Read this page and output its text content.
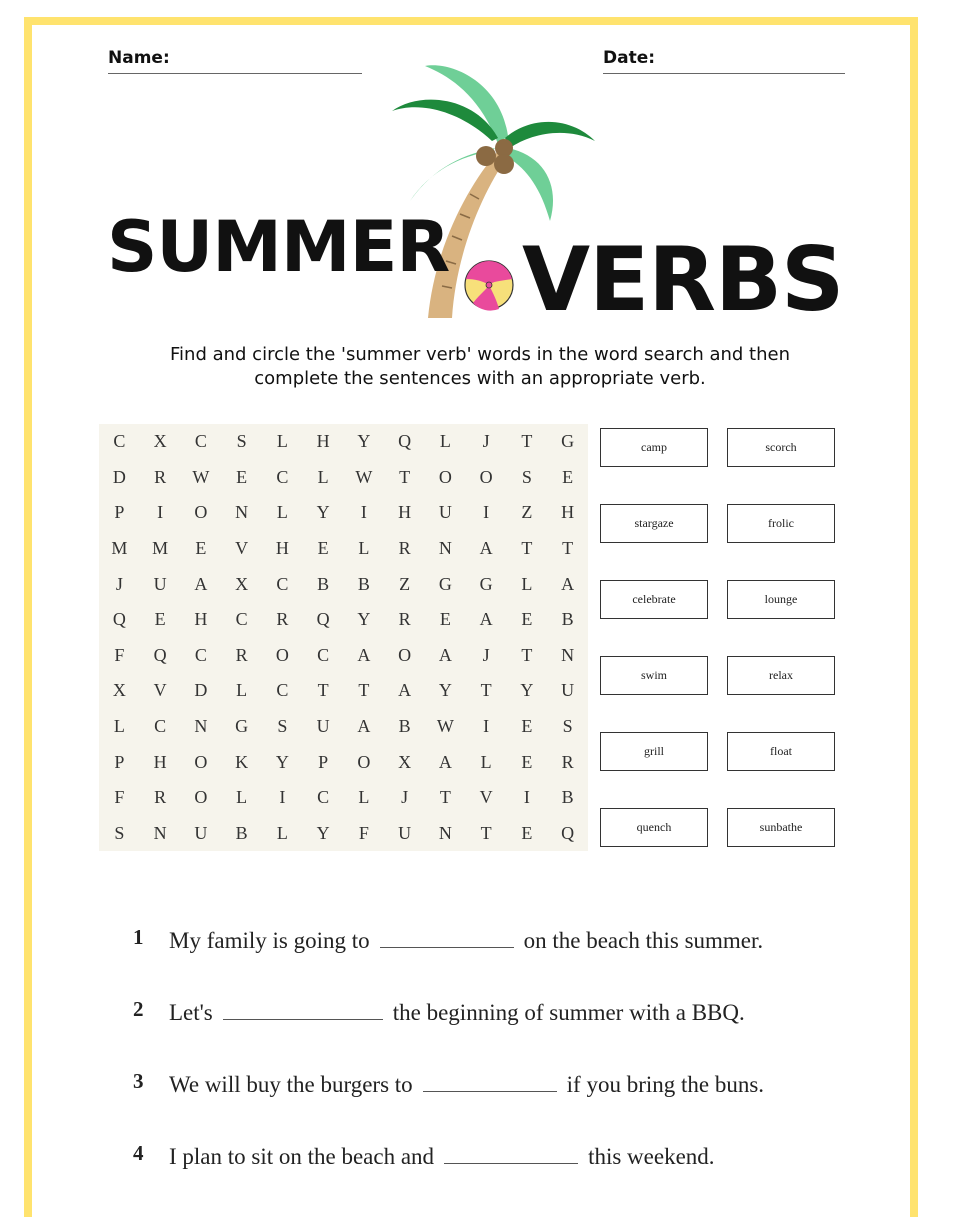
Name:	Date:
SUMMER VERBS
Find and circle the 'summer verb' words in the word search and then
complete the sentences with an appropriate verb.
C	X	C	S	L	H	Y	Q	L	J	T	G
D	R	W	E	C	L	W	T	O	O	S	E
P	I	O	N	L	Y	I	H	U	I	Z	H
M	M	E	V	H	E	L	R	N	A	T	T
J	U	A	X	C	B	B	Z	G	G	L	A
Q	E	H	C	R	Q	Y	R	E	A	E	B
F	Q	C	R	O	C	A	O	A	J	T	N
X	V	D	L	C	T	T	A	Y	T	Y	U
L	C	N	G	S	U	A	B	W	I	E	S
P	H	O	K	Y	P	O	X	A	L	E	R
F	R	O	L	I	C	L	J	T	V	I	B
S	N	U	B	L	Y	F	U	N	T	E	Q
camp	scorch
stargaze	frolic
celebrate	lounge
swim	relax
grill	float
quench	sunbathe
1 My family is going to	on the beach this summer.
2 Let's	the beginning of summer with a BBQ.
3 We will buy the burgers to	if you bring the buns.
4 I plan to sit on the beach and	this weekend.
